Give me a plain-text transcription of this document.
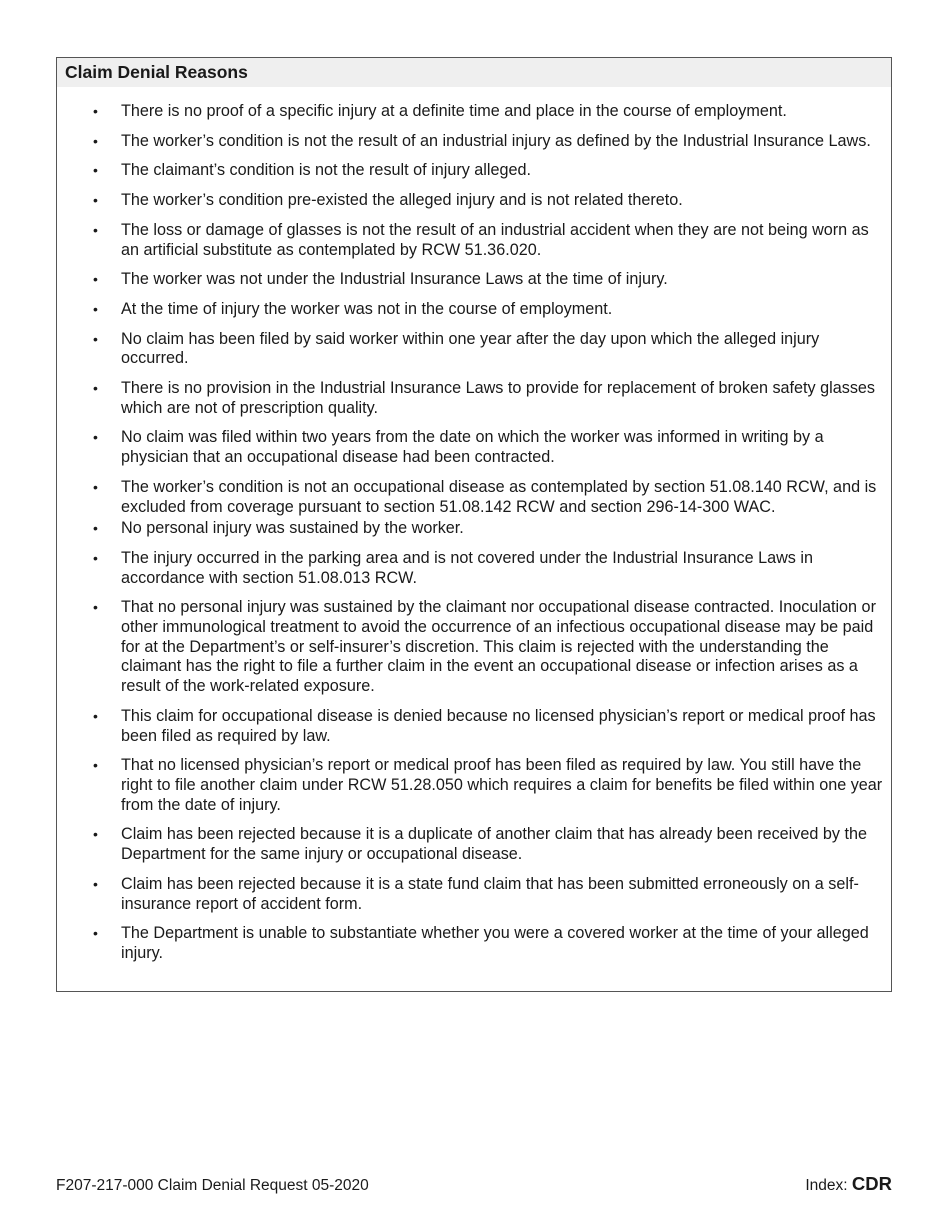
Claim Denial Reasons
• There is no proof of a specific injury at a definite time and place in the course of employment.
• The worker’s condition is not the result of an industrial injury as defined by the Industrial Insurance Laws.
• The claimant’s condition is not the result of injury alleged.
• The worker’s condition pre-existed the alleged injury and is not related thereto.
• The loss or damage of glasses is not the result of an industrial accident when they are not being worn as an artificial substitute as contemplated by RCW 51.36.020.
• The worker was not under the Industrial Insurance Laws at the time of injury.
• At the time of injury the worker was not in the course of employment.
• No claim has been filed by said worker within one year after the day upon which the alleged injury occurred.
• There is no provision in the Industrial Insurance Laws to provide for replacement of broken safety glasses which are not of prescription quality.
• No claim was filed within two years from the date on which the worker was informed in writing by a physician that an occupational disease had been contracted.
• The worker’s condition is not an occupational disease as contemplated by section 51.08.140 RCW, and is excluded from coverage pursuant to section 51.08.142 RCW and section 296-14-300 WAC.
• No personal injury was sustained by the worker.
• The injury occurred in the parking area and is not covered under the Industrial Insurance Laws in accordance with section 51.08.013 RCW.
• That no personal injury was sustained by the claimant nor occupational disease contracted. Inoculation or other immunological treatment to avoid the occurrence of an infectious occupational disease may be paid for at the Department’s or self-insurer’s discretion. This claim is rejected with the understanding the claimant has the right to file a further claim in the event an occupational disease or infection arises as a result of the work-related exposure.
• This claim for occupational disease is denied because no licensed physician’s report or medical proof has been filed as required by law.
• That no licensed physician’s report or medical proof has been filed as required by law. You still have the right to file another claim under RCW 51.28.050 which requires a claim for benefits be filed within one year from the date of injury.
• Claim has been rejected because it is a duplicate of another claim that has already been received by the Department for the same injury or occupational disease.
• Claim has been rejected because it is a state fund claim that has been submitted erroneously on a self-insurance report of accident form.
• The Department is unable to substantiate whether you were a covered worker at the time of your alleged injury.
F207-217-000 Claim Denial Request 05-2020	Index: CDR
